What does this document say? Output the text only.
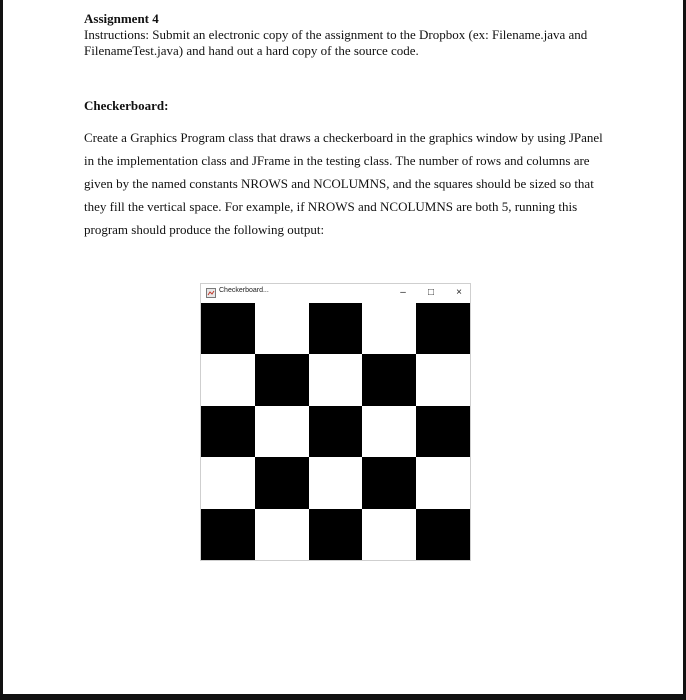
Assignment 4
Instructions: Submit an electronic copy of the assignment to the Dropbox (ex: Filename.java and FilenameTest.java) and hand out a hard copy of the source code.
Checkerboard:
Create a Graphics Program class that draws a checkerboard in the graphics window by using JPanel in the implementation class and JFrame in the testing class. The number of rows and columns are given by the named constants NROWS and NCOLUMNS, and the squares should be sized so that they fill the vertical space. For example, if NROWS and NCOLUMNS are both 5, running this program should produce the following output:
Checkerboard...	–	□	×
